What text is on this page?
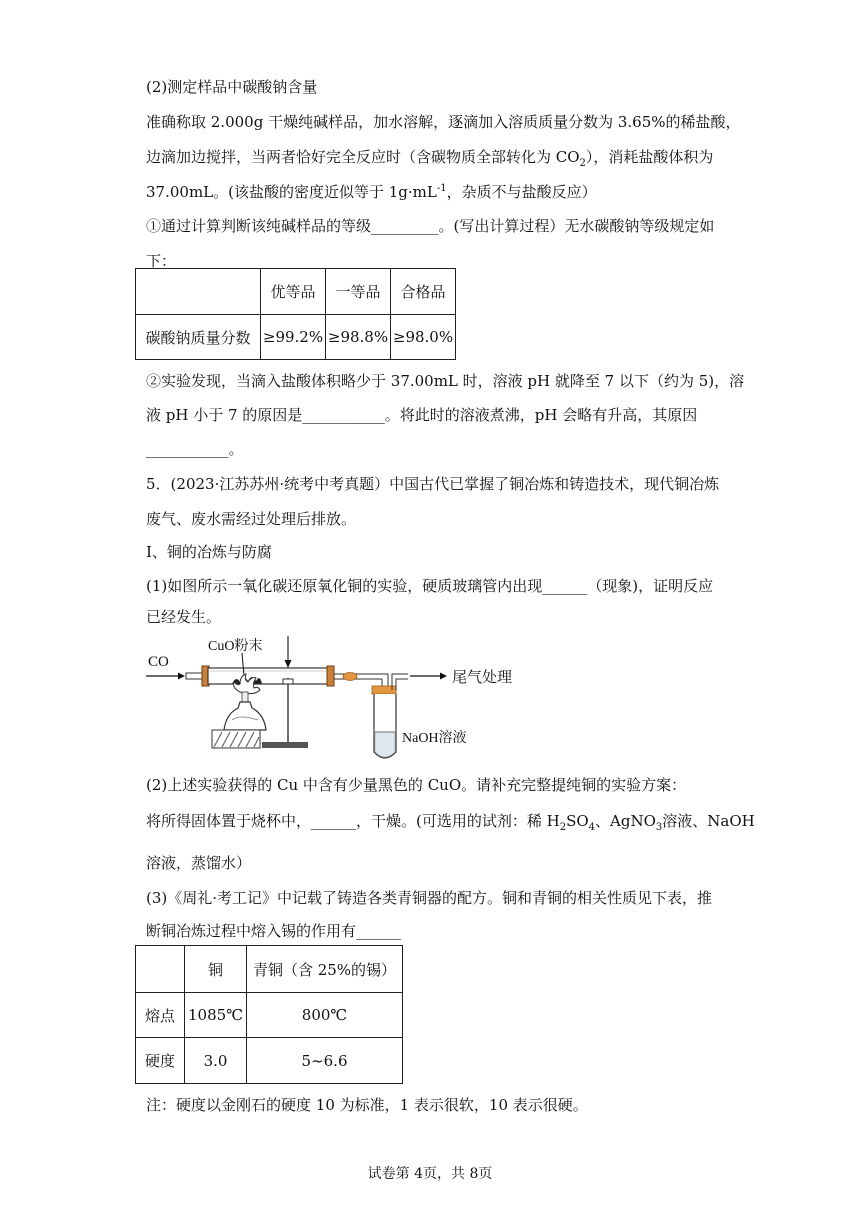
(2)测定样品中碳酸钠含量
准确称取 2.000g 干燥纯碱样品，加水溶解，逐滴加入溶质质量分数为 3.65%的稀盐酸，
边滴加边搅拌，当两者恰好完全反应时（含碳物质全部转化为 $CO_2$），消耗盐酸体积为
37.00mL。(该盐酸的密度近似等于 $1g\cdot mL^{-1}$，杂质不与盐酸反应）
①通过计算判断该纯碱样品的等级_________。(写出计算过程）无水碳酸钠等级规定如
下：
	优等品	一等品	合格品
碳酸钠质量分数	≥99.2%	≥98.8%	≥98.0%
②实验发现，当滴入盐酸体积略少于 37.00mL 时，溶液 pH 就降至 7 以下（约为 5)，溶
液 pH 小于 7 的原因是___________。将此时的溶液煮沸，pH 会略有升高，其原因
___________。
5．(2023·江苏苏州·统考中考真题）中国古代已掌握了铜冶炼和铸造技术，现代铜冶炼
废气、废水需经过处理后排放。
I、铜的冶炼与防腐
(1)如图所示一氧化碳还原氧化铜的实验，硬质玻璃管内出现______（现象)，证明反应
已经发生。
CO
CuO粉末
尾气处理
NaOH溶液
(2)上述实验获得的 Cu 中含有少量黑色的 CuO。请补充完整提纯铜的实验方案：
将所得固体置于烧杯中，______，干燥。(可选用的试剂：稀 $H_2SO_4$、AgNO$_3$溶液、NaOH
溶液，蒸馏水）
(3)《周礼·考工记》中记载了铸造各类青铜器的配方。铜和青铜的相关性质见下表，推
断铜冶炼过程中熔入锡的作用有______
	铜	青铜（含 25%的锡）
熔点	1085℃	800℃
硬度	3.0	5~6.6
注：硬度以金刚石的硬度 10 为标准，1 表示很软，10 表示很硬。
试卷第 4页，共 8页
